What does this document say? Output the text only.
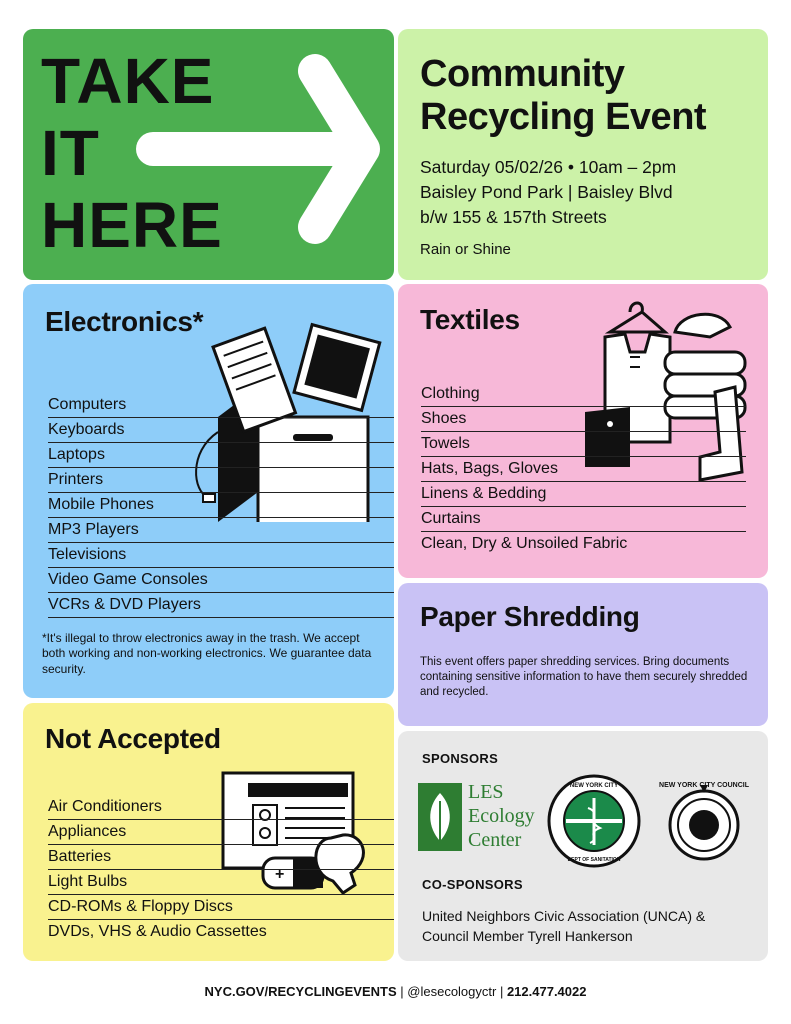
TAKE
IT
HERE
Community
Recycling Event
Saturday 05/02/26 • 10am – 2pm
Baisley Pond Park | Baisley Blvd
b/w 155 & 157th Streets
Rain or Shine
Electronics*
Computers
Keyboards
Laptops
Printers
Mobile Phones
MP3 Players
Televisions
Video Game Consoles
VCRs & DVD Players
*It's illegal to throw electronics away in the trash. We accept both working and non-working electronics. We guarantee data security.
Textiles
Clothing
Shoes
Towels
Hats, Bags, Gloves
Linens & Bedding
Curtains
Clean, Dry & Unsoiled Fabric
Paper Shredding
This event offers paper shredding services. Bring documents containing sensitive information to have them securely shredded and recycled.
Not Accepted
+
Air Conditioners
Appliances
Batteries
Light Bulbs
CD-ROMs & Floppy Discs
DVDs, VHS & Audio Cassettes
SPONSORS
LES
Ecology
Center
NEW YORK CITY
DEPT OF SANITATION
NEW YORK CITY COUNCIL
CO-SPONSORS
United Neighbors Civic Association (UNCA) &
Council Member Tyrell Hankerson
NYC.GOV/RECYCLINGEVENTS | @lesecologyctr | 212.477.4022
